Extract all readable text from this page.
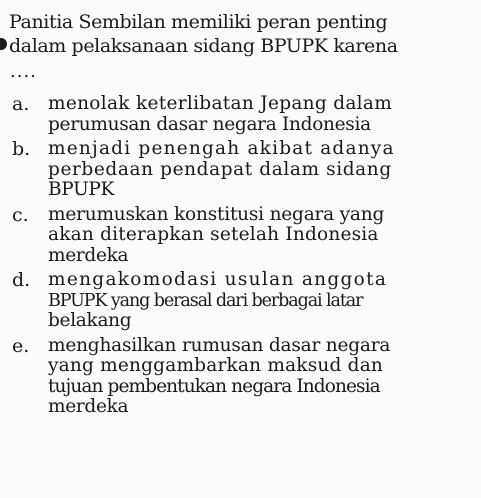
Panitia Sembilan memiliki peran penting
dalam pelaksanaan sidang BPUPK karena
....
a. menolak keterlibatan Jepang dalam
perumusan dasar negara Indonesia
b. menjadi penengah akibat adanya
perbedaan pendapat dalam sidang
BPUPK
c. merumuskan konstitusi negara yang
akan diterapkan setelah Indonesia
merdeka
d. mengakomodasi usulan anggota
BPUPK yang berasal dari berbagai latar
belakang
e. menghasilkan rumusan dasar negara
yang menggambarkan maksud dan
tujuan pembentukan negara Indonesia
merdeka
